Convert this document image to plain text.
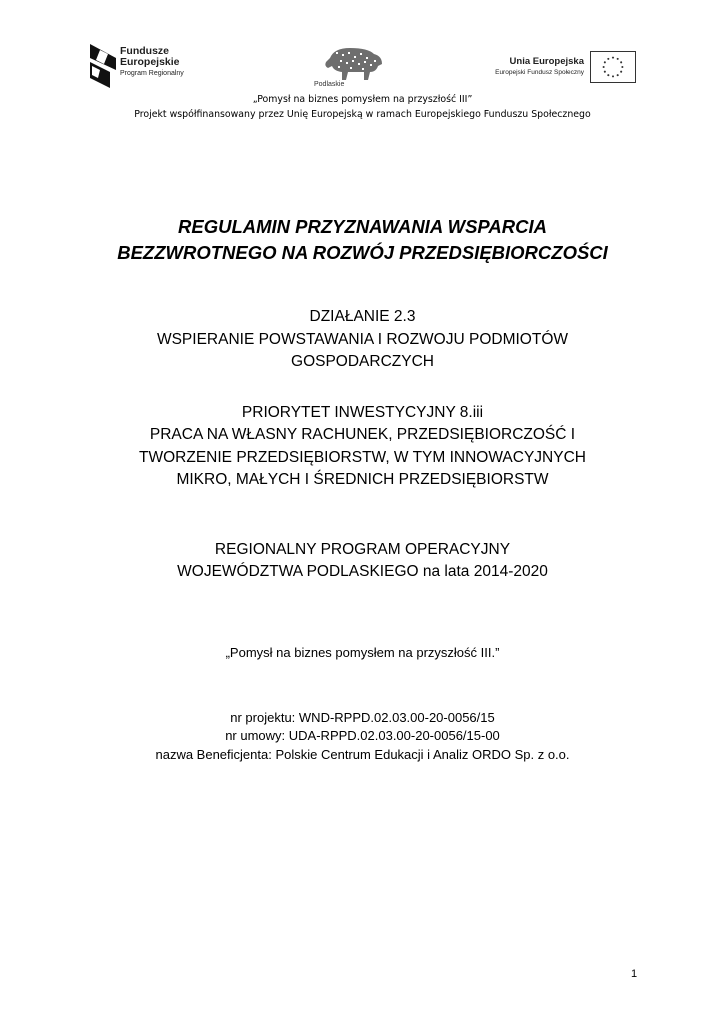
Fundusze
Europejskie
Program Regionalny
Podlaskie
Unia Europejska
Europejski Fundusz Społeczny
„Pomysł na biznes pomysłem na przyszłość III”
Projekt współfinansowany przez Unię Europejską w ramach Europejskiego Funduszu Społecznego
REGULAMIN PRZYZNAWANIA WSPARCIA
BEZZWROTNEGO NA ROZWÓJ PRZEDSIĘBIORCZOŚCI
DZIAŁANIE 2.3
WSPIERANIE POWSTAWANIA I ROZWOJU PODMIOTÓW
GOSPODARCZYCH
PRIORYTET INWESTYCYJNY 8.iii
PRACA NA WŁASNY RACHUNEK, PRZEDSIĘBIORCZOŚĆ I
TWORZENIE PRZEDSIĘBIORSTW, W TYM INNOWACYJNYCH
MIKRO, MAŁYCH I ŚREDNICH PRZEDSIĘBIORSTW
REGIONALNY PROGRAM OPERACYJNY
WOJEWÓDZTWA PODLASKIEGO na lata 2014-2020
„Pomysł na biznes pomysłem na przyszłość III.”
nr projektu: WND-RPPD.02.03.00-20-0056/15
nr umowy: UDA-RPPD.02.03.00-20-0056/15-00
nazwa Beneficjenta: Polskie Centrum Edukacji i Analiz ORDO Sp. z o.o.
1
